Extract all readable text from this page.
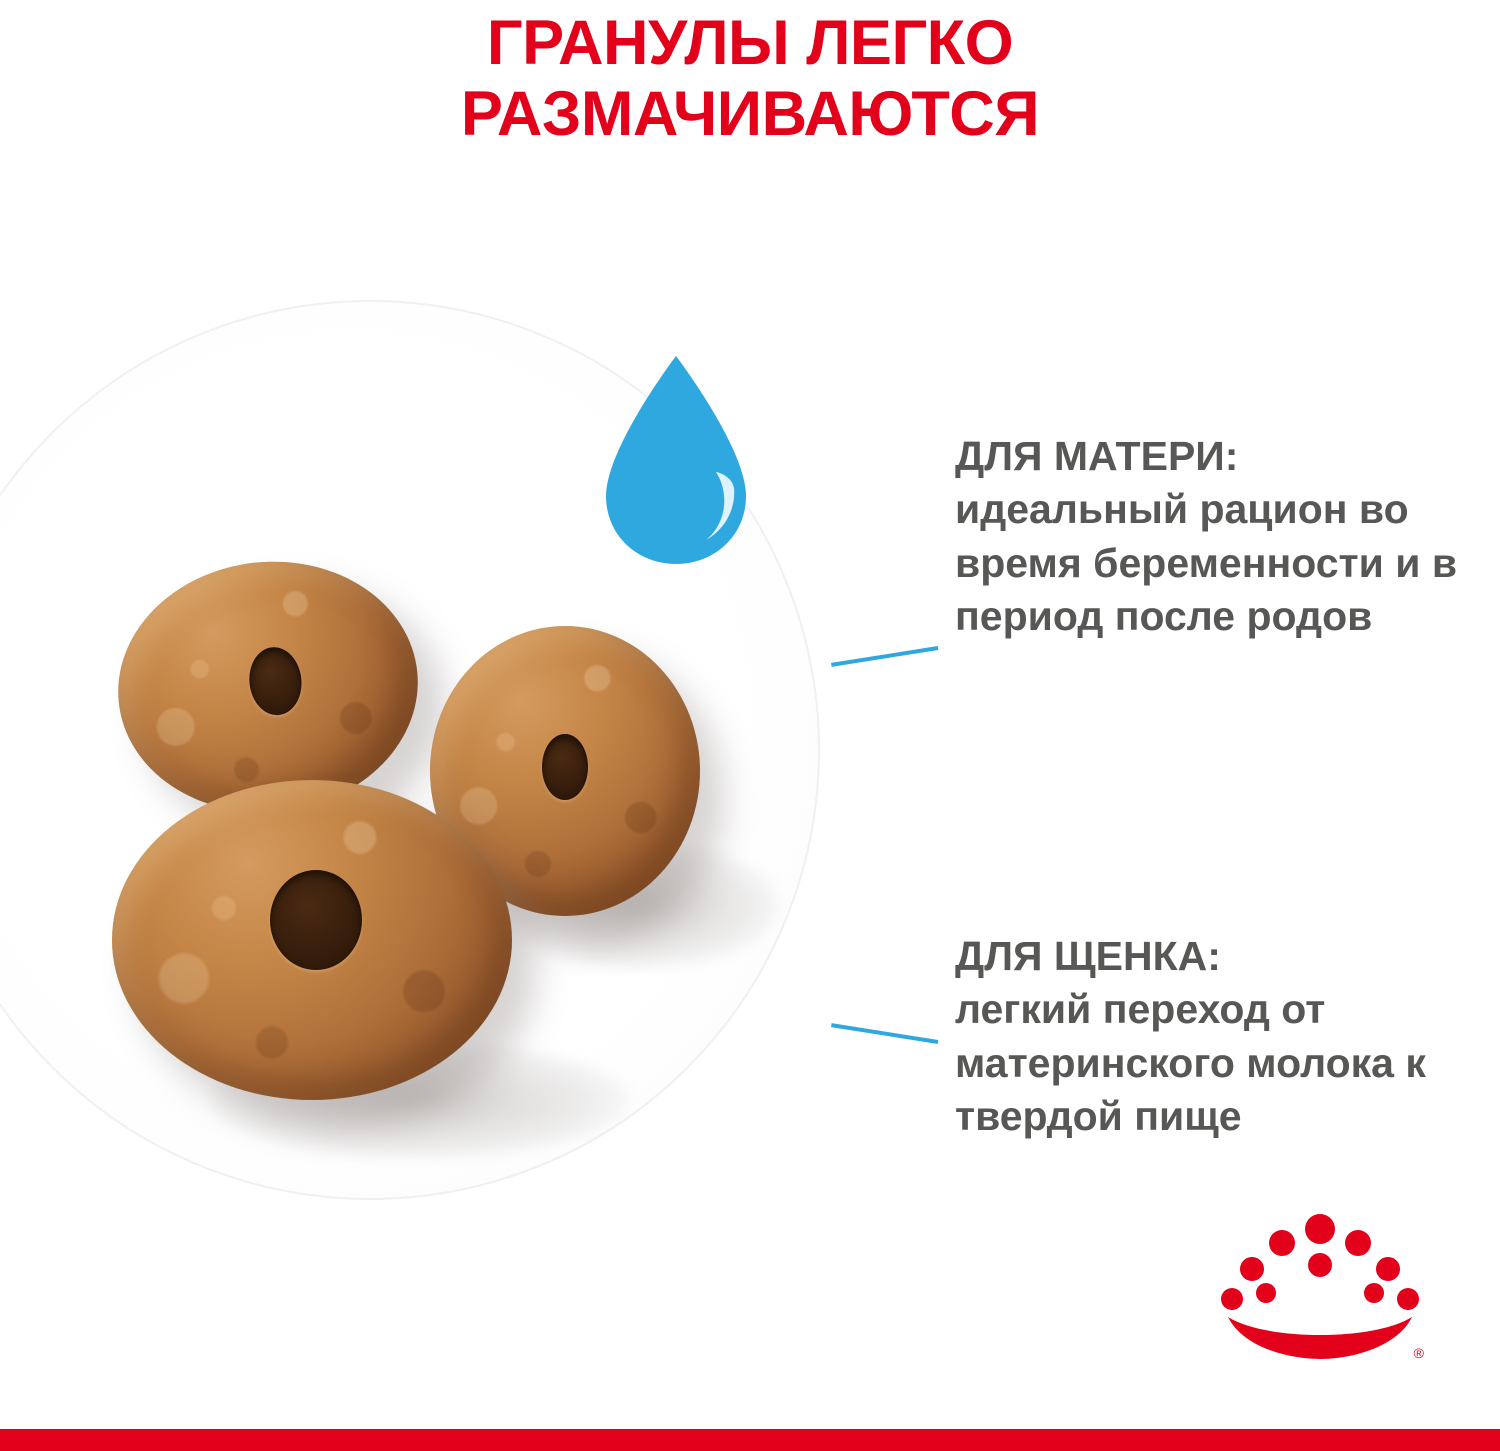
ГРАНУЛЫ ЛЕГКО
РАЗМАЧИВАЮТСЯ
ДЛЯ МАТЕРИ:
идеальный рацион во время беременности и в период после родов
ДЛЯ ЩЕНКА:
легкий переход от материнского молока к твердой пище
®
